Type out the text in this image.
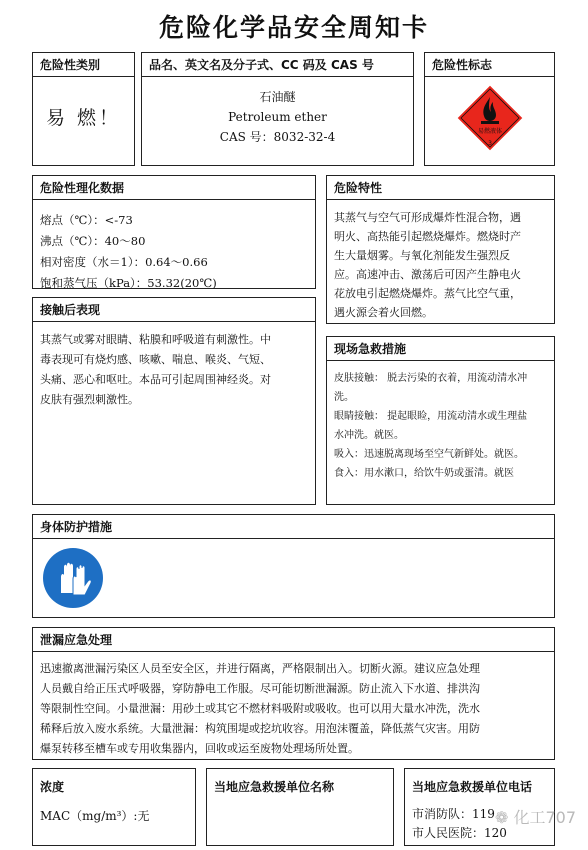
危险化学品安全周知卡
危险性类别
易 燃！
品名、英文名及分子式、CC 码及 CAS 号
石油醚
Petroleum ether
CAS 号：8032-32-4
危险性标志
易燃液体
3
危险性理化数据
熔点（℃）：<-73
沸点（℃）：40～80
相对密度（水＝1）：0.64～0.66
饱和蒸气压（kPa）：53.32(20℃)
危险特性
其蒸气与空气可形成爆炸性混合物，遇
明火、高热能引起燃烧爆炸。燃烧时产
生大量烟雾。与氧化剂能发生强烈反
应。高速冲击、激荡后可因产生静电火
花放电引起燃烧爆炸。蒸气比空气重，
遇火源会着火回燃。
接触后表现
其蒸气或雾对眼睛、粘膜和呼吸道有刺激性。中
毒表现可有烧灼感、咳嗽、喘息、喉炎、气短、
头痛、恶心和呕吐。本品可引起周围神经炎。对
皮肤有强烈刺激性。
现场急救措施
皮肤接触： 脱去污染的衣着，用流动清水冲
洗。
眼睛接触： 提起眼睑，用流动清水或生理盐
水冲洗。就医。
吸入：迅速脱离现场至空气新鲜处。就医。
食入：用水漱口，给饮牛奶或蛋清。就医
身体防护措施
泄漏应急处理
迅速撤离泄漏污染区人员至安全区，并进行隔离，严格限制出入。切断火源。建议应急处理
人员戴自给正压式呼吸器，穿防静电工作服。尽可能切断泄漏源。防止流入下水道、排洪沟
等限制性空间。小量泄漏：用砂土或其它不燃材料吸附或吸收。也可以用大量水冲洗，洗水
稀释后放入废水系统。大量泄漏：构筑围堤或挖坑收容。用泡沫覆盖，降低蒸气灾害。用防
爆泵转移至槽车或专用收集器内，回收或运至废物处理场所处置。
浓度
MAC（mg/m³）:无
当地应急救援单位名称	当地应急救援单位电话
市消防队：119
市人民医院：120
❁ 化工707
